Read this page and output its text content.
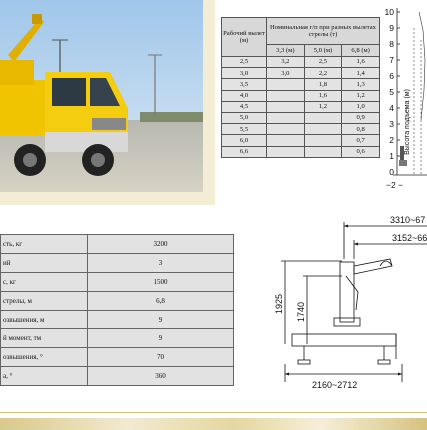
Рабочий вылет (м)	Номинальная г/п при разных вылетах стрелы (т)		
	3,3 (м)	5,0 (м)	6,8 (м)
2,5	3,2	2,5	1,6
3,0	3,0	2,2	1,4
3,5		1,8	1,3
4,0		1,6	1,2
4,5		1,2	1,0
5,0			0,9
5,5			0,8
6,0			0,7
6,6			0,6
10
9
8
7
6
5
4
3
2
1
0
Высота подъема (м)
−2 −
сть, кг	3200
ий	3
с, кг	1500
стрелы, м	6,8
озвышения, м	9
й момент, тм	9
озвышения, °	70
а, °	360
3310~67
3152~66
1925 1740
2160~2712
